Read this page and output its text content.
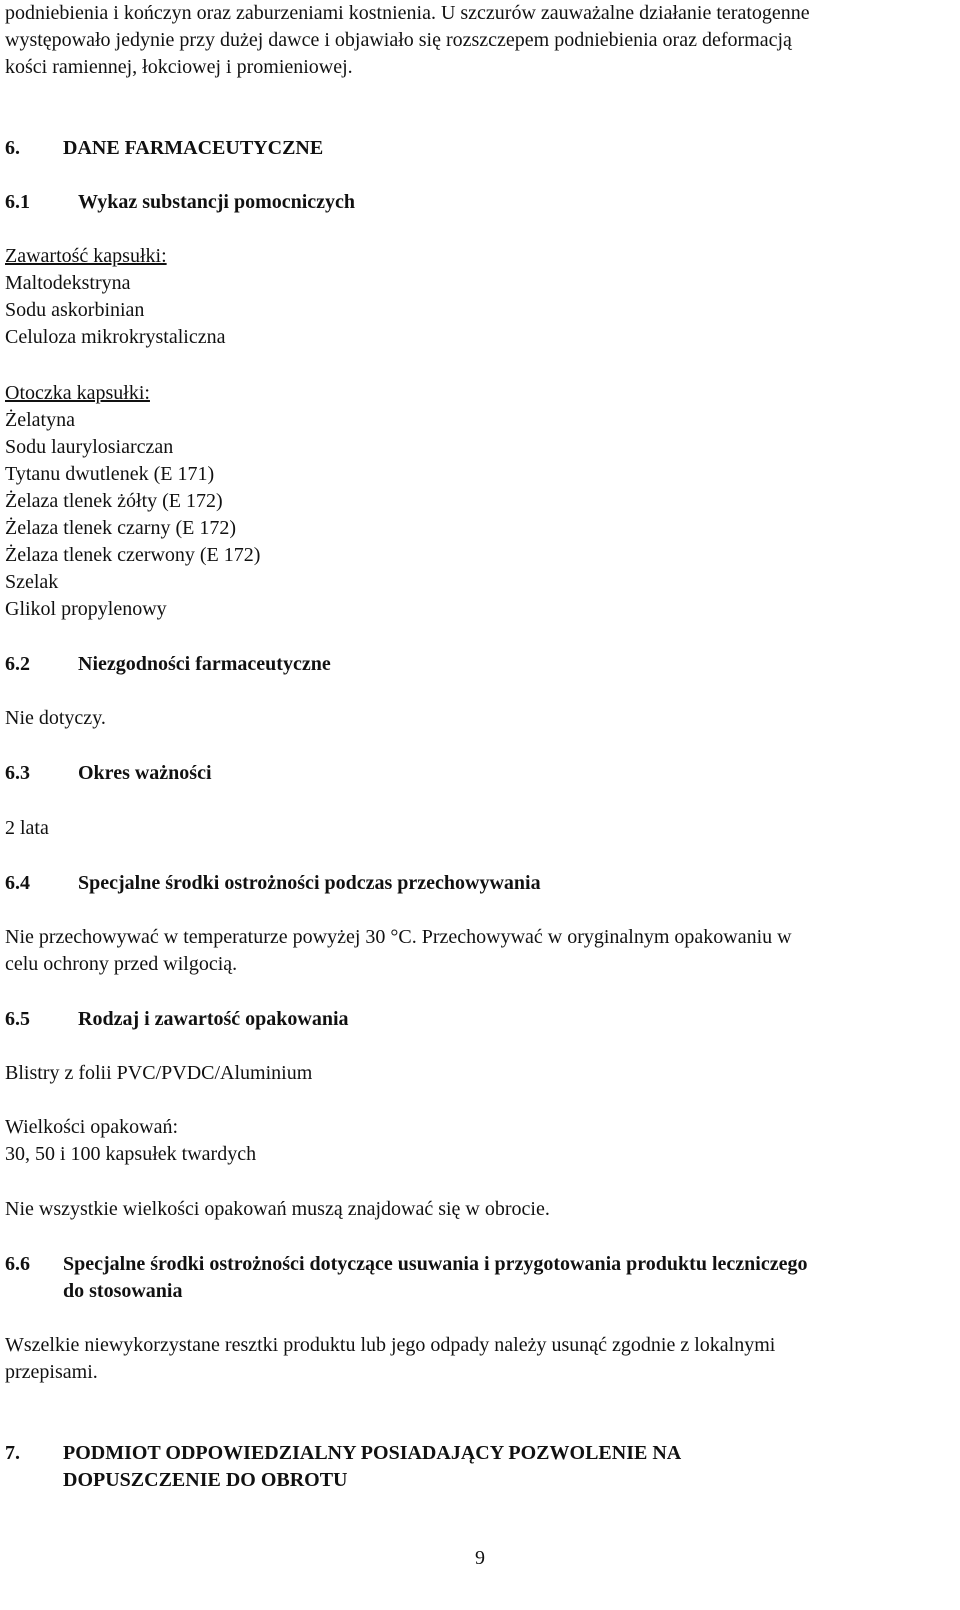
podniebienia i kończyn oraz zaburzeniami kostnienia. U szczurów zauważalne działanie teratogenne
występowało jedynie przy dużej dawce i objawiało się rozszczepem podniebienia oraz deformacją
kości ramiennej, łokciowej i promieniowej.
6. DANE FARMACEUTYCZNE
6.1 Wykaz substancji pomocniczych
Zawartość kapsułki:
Maltodekstryna
Sodu askorbinian
Celuloza mikrokrystaliczna
Otoczka kapsułki:
Żelatyna
Sodu laurylosiarczan
Tytanu dwutlenek (E 171)
Żelaza tlenek żółty (E 172)
Żelaza tlenek czarny (E 172)
Żelaza tlenek czerwony (E 172)
Szelak
Glikol propylenowy
6.2 Niezgodności farmaceutyczne
Nie dotyczy.
6.3 Okres ważności
2 lata
6.4 Specjalne środki ostrożności podczas przechowywania
Nie przechowywać w temperaturze powyżej 30 °C. Przechowywać w oryginalnym opakowaniu w
celu ochrony przed wilgocią.
6.5 Rodzaj i zawartość opakowania
Blistry z folii PVC/PVDC/Aluminium
Wielkości opakowań:
30, 50 i 100 kapsułek twardych
Nie wszystkie wielkości opakowań muszą znajdować się w obrocie.
6.6 Specjalne środki ostrożności dotyczące usuwania i przygotowania produktu leczniczego
do stosowania
Wszelkie niewykorzystane resztki produktu lub jego odpady należy usunąć zgodnie z lokalnymi
przepisami.
7. PODMIOT ODPOWIEDZIALNY POSIADAJĄCY POZWOLENIE NA
DOPUSZCZENIE DO OBROTU
9
